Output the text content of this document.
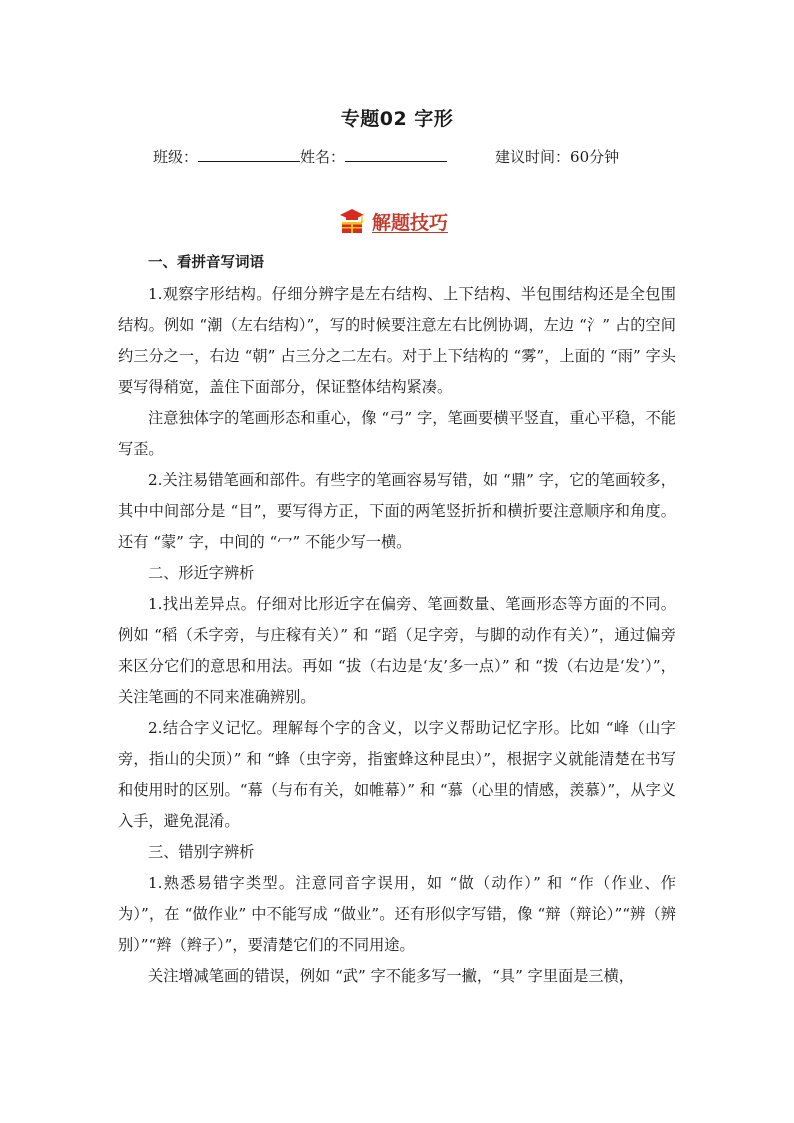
专题02 字形
班级：	姓名：	建议时间：60分钟
解题技巧

一、看拼音写词语

1.观察字形结构。仔细分辨字是左右结构、上下结构、半包围结构还是全包围结构。例如 “潮（左右结构）”，写的时候要注意左右比例协调，左边 “氵” 占的空间约三分之一，右边 “朝” 占三分之二左右。对于上下结构的 “雾”，上面的 “雨” 字头要写得稍宽，盖住下面部分，保证整体结构紧凑。

注意独体字的笔画形态和重心，像 “弓” 字，笔画要横平竖直，重心平稳，不能写歪。

2.关注易错笔画和部件。有些字的笔画容易写错，如 “鼎” 字，它的笔画较多，其中中间部分是 “目”，要写得方正，下面的两笔竖折折和横折要注意顺序和角度。还有 “蒙” 字，中间的 “冖” 不能少写一横。

二、形近字辨析

1.找出差异点。仔细对比形近字在偏旁、笔画数量、笔画形态等方面的不同。例如 “稻（禾字旁，与庄稼有关）” 和 “蹈（足字旁，与脚的动作有关）”，通过偏旁来区分它们的意思和用法。再如 “拔（右边是‘友’多一点）” 和 “拨（右边是‘发’）”，关注笔画的不同来准确辨别。

2.结合字义记忆。理解每个字的含义，以字义帮助记忆字形。比如 “峰（山字旁，指山的尖顶）” 和 “蜂（虫字旁，指蜜蜂这种昆虫）”，根据字义就能清楚在书写和使用时的区别。“幕（与布有关，如帷幕）” 和 “慕（心里的情感，羡慕）”，从字义入手，避免混淆。

三、错别字辨析

1.熟悉易错字类型。注意同音字误用，如 “做（动作）” 和 “作（作业、作为）”，在 “做作业” 中不能写成 “做业”。还有形似字写错，像 “辩（辩论）”“辨（辨别）”“辫（辫子）”，要清楚它们的不同用途。

关注增减笔画的错误，例如 “武” 字不能多写一撇，“具” 字里面是三横，
